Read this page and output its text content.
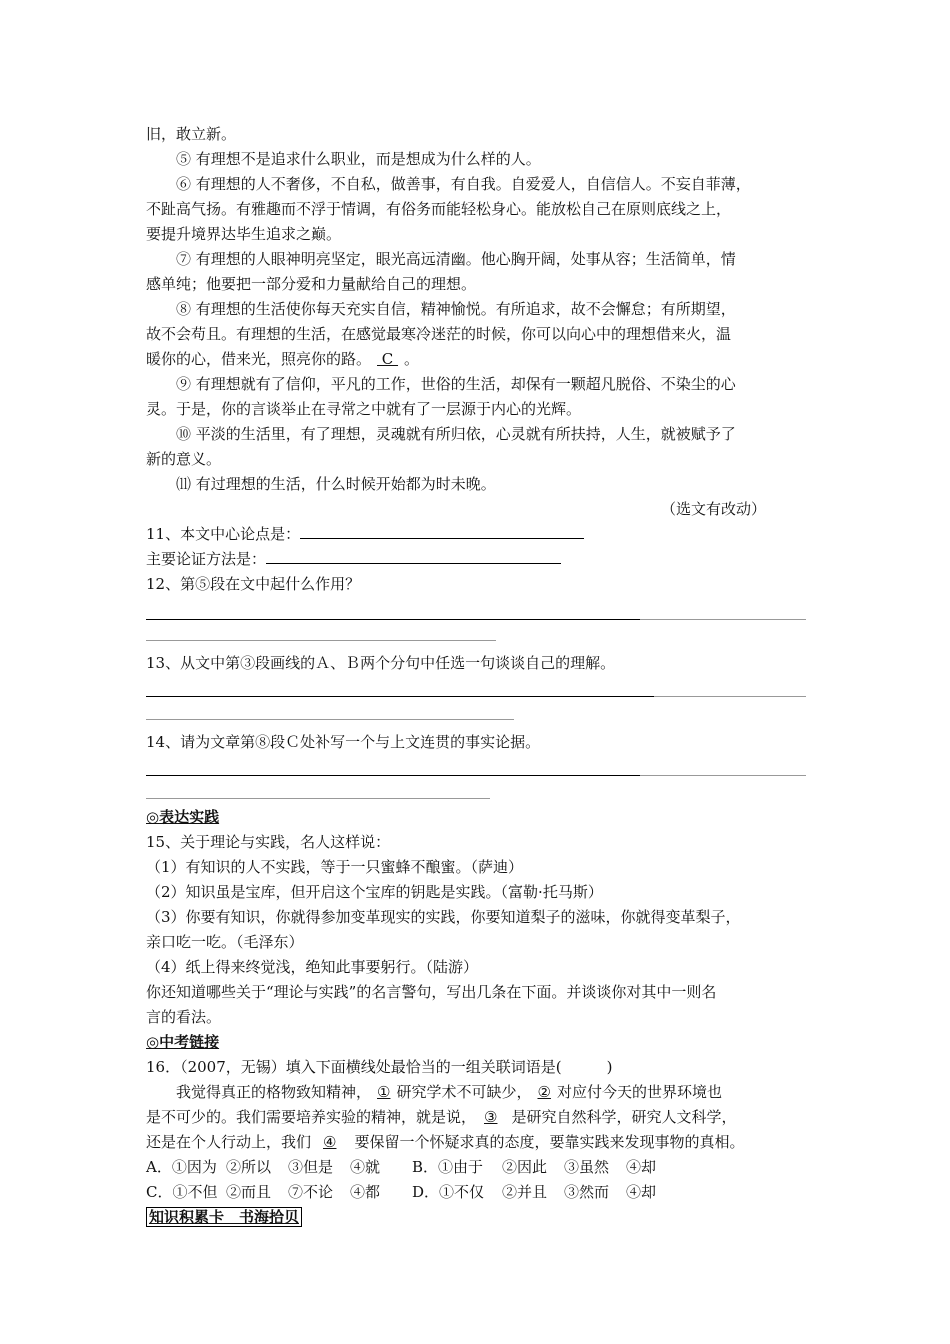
旧，敢立新。
⑤ 有理想不是追求什么职业，而是想成为什么样的人。
⑥ 有理想的人不奢侈，不自私，做善事，有自我。自爱爱人，自信信人。不妄自菲薄，
不趾高气扬。有雅趣而不浮于情调，有俗务而能轻松身心。能放松自己在原则底线之上，
要提升境界达毕生追求之巅。
⑦ 有理想的人眼神明亮坚定，眼光高远清幽。他心胸开阔，处事从容；生活简单，情
感单纯；他要把一部分爱和力量献给自己的理想。
⑧ 有理想的生活使你每天充实自信，精神愉悦。有所追求，故不会懈怠；有所期望，
故不会苟且。有理想的生活，在感觉最寒冷迷茫的时候，你可以向心中的理想借来火，温
暖你的心，借来光，照亮你的路。 C 。
⑨ 有理想就有了信仰，平凡的工作，世俗的生活，却保有一颗超凡脱俗、不染尘的心
灵。于是，你的言谈举止在寻常之中就有了一层源于内心的光辉。
⑩ 平淡的生活里，有了理想，灵魂就有所归依，心灵就有所扶持，人生，就被赋予了
新的意义。
⑾ 有过理想的生活，什么时候开始都为时未晚。
（选文有改动）
11、本文中心论点是：
主要论证方法是：
12、第⑤段在文中起什么作用？
13、从文中第③段画线的Ａ、Ｂ两个分句中任选一句谈谈自己的理解。
14、请为文章第⑧段Ｃ处补写一个与上文连贯的事实论据。
◎表达实践
15、关于理论与实践，名人这样说：
（1）有知识的人不实践，等于一只蜜蜂不酿蜜。（萨迪）
（2）知识虽是宝库，但开启这个宝库的钥匙是实践。（富勒·托马斯）
（3）你要有知识，你就得参加变革现实的实践，你要知道梨子的滋味，你就得变革梨子，
亲口吃一吃。（毛泽东）
（4）纸上得来终觉浅，绝知此事要躬行。（陆游）
你还知道哪些关于“理论与实践”的名言警句，写出几条在下面。并谈谈你对其中一则名
言的看法。
◎中考链接
16．（2007，无锡）填入下面横线处最恰当的一组关联词语是(　　　)
我觉得真正的格物致知精神， ① 研究学术不可缺少， ② 对应付今天的世界环境也
是不可少的。我们需要培养实验的精神，就是说， ③ 是研究自然科学，研究人文科学，
还是在个人行动上，我们 ④ 要保留一个怀疑求真的态度，要靠实践来发现事物的真相。
A．①因为 ②所以 ③但是 ④就 B．①由于 ②因此 ③虽然 ④却
C．①不但 ②而且 ⑦不论 ④都 D．①不仅 ②并且 ③然而 ④却
知识积累卡　书海拾贝
